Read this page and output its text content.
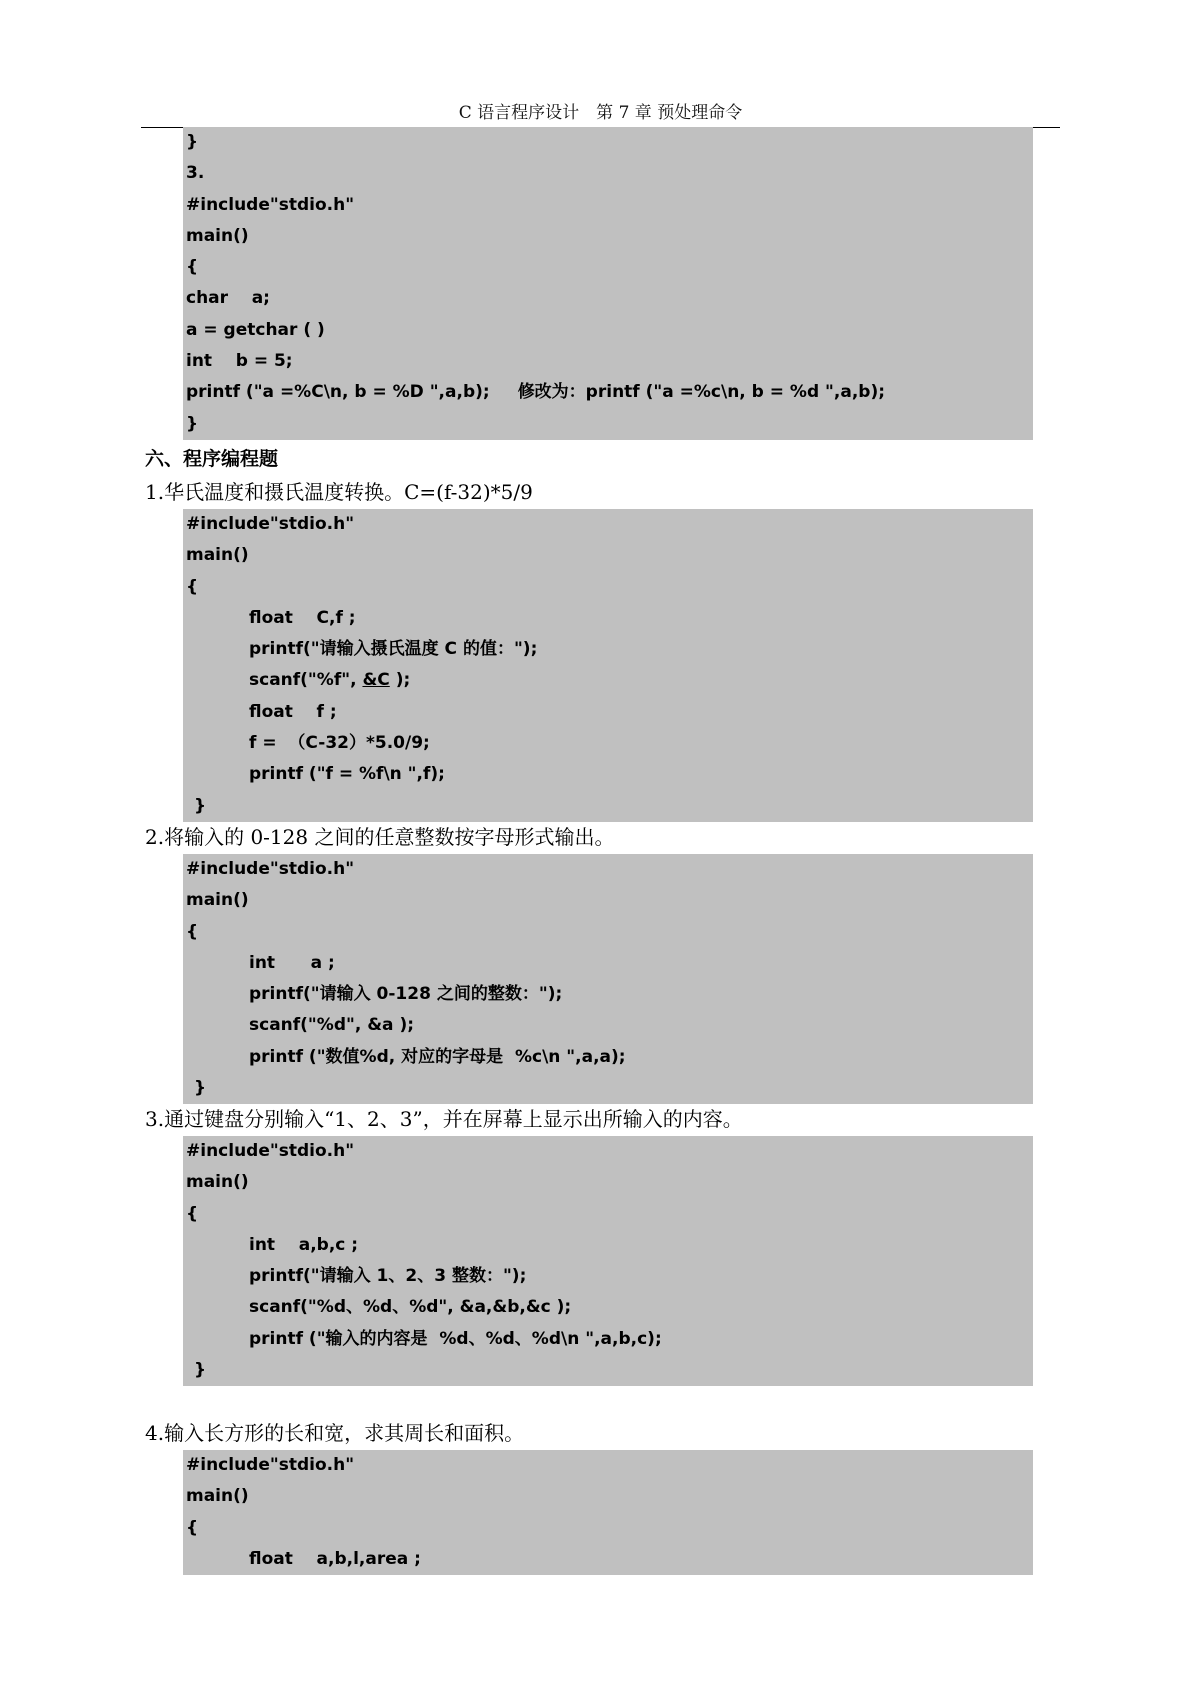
C 语言程序设计　第 7 章 预处理命令
}
3.
#include"stdio.h"
main()
{
char    a;
a = getchar ( )
int    b = 5;
printf ("a =%C\n, b = %D ",a,b); 修改为：printf ("a =%c\n, b = %d ",a,b);
}
六、程序编程题
1.华氏温度和摄氏温度转换。C=(f-32)*5/9
#include"stdio.h"
main()
{
float    C,f ;
printf("请输入摄氏温度 C 的值：");
scanf("%f", &C );
float    f ;
f =  （C-32）*5.0/9;
printf ("f = %f\n ",f);
}
2.将输入的 0-128 之间的任意整数按字母形式输出。
#include"stdio.h"
main()
{
int      a ;
printf("请输入 0-128 之间的整数：");
scanf("%d", &a );
printf ("数值%d, 对应的字母是  %c\n ",a,a);
}
3.通过键盘分别输入“1、2、3”，并在屏幕上显示出所输入的内容。
#include"stdio.h"
main()
{
int    a,b,c ;
printf("请输入 1、2、3 整数：");
scanf("%d、%d、%d", &a,&b,&c );
printf ("输入的内容是  %d、%d、%d\n ",a,b,c);
}
4.输入长方形的长和宽，求其周长和面积。
#include"stdio.h"
main()
{
float    a,b,l,area ;
